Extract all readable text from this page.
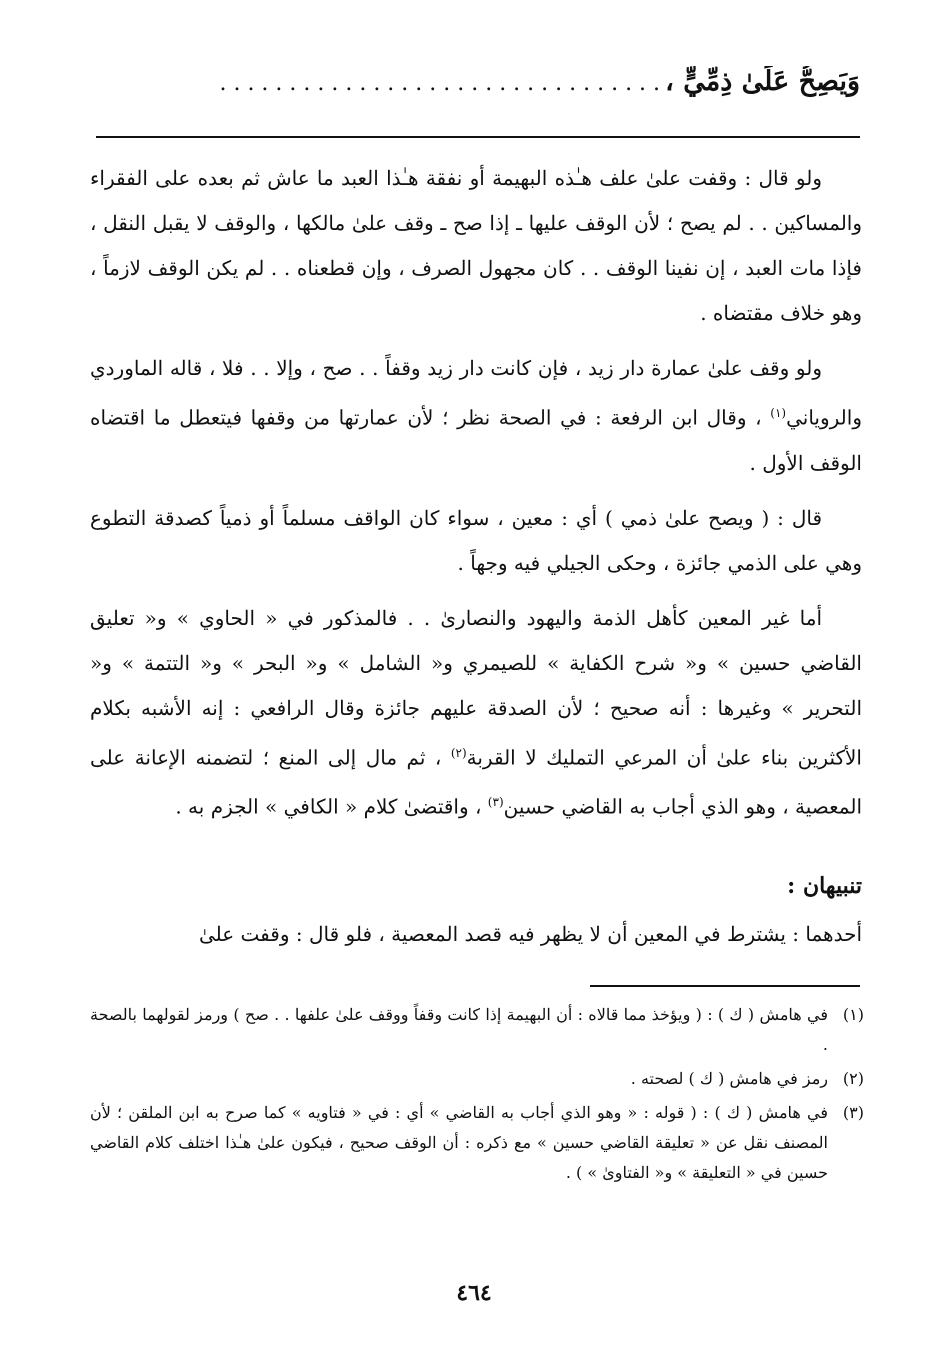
وَيَصِحُّ عَلَىٰ ذِمِّيٍّ ، . . . . . . . . . . . . . . . . . . . . . . . . . . . . . . . .

ولو قال : وقفت علىٰ علف هـٰذه البهيمة أو نفقة هـٰذا العبد ما عاش ثم بعده على الفقراء والمساكين . . لم يصح ؛ لأن الوقف عليها ـ إذا صح ـ وقف علىٰ مالكها ، والوقف لا يقبل النقل ، فإذا مات العبد ، إن نفينا الوقف . . كان مجهول الصرف ، وإن قطعناه . . لم يكن الوقف لازماً ، وهو خلاف مقتضاه .

ولو وقف علىٰ عمارة دار زيد ، فإن كانت دار زيد وقفاً . . صح ، وإلا . . فلا ، قاله الماوردي والروياني$^{(١)}$ ، وقال ابن الرفعة : في الصحة نظر ؛ لأن عمارتها من وقفها فيتعطل ما اقتضاه الوقف الأول .

قال : ( ويصح علىٰ ذمي ) أي : معين ، سواء كان الواقف مسلماً أو ذمياً كصدقة التطوع وهي على الذمي جائزة ، وحكى الجيلي فيه وجهاً .

أما غير المعين كأهل الذمة واليهود والنصارىٰ . . فالمذكور في « الحاوي » و« تعليق القاضي حسين » و« شرح الكفاية » للصيمري و« الشامل » و« البحر » و« التتمة » و« التحرير » وغيرها : أنه صحيح ؛ لأن الصدقة عليهم جائزة وقال الرافعي : إنه الأشبه بكلام الأكثرين بناء علىٰ أن المرعي التمليك لا القربة$^{(٢)}$ ، ثم مال إلى المنع ؛ لتضمنه الإعانة على المعصية ، وهو الذي أجاب به القاضي حسين$^{(٣)}$ ، واقتضىٰ كلام « الكافي » الجزم به .

تنبيهان :
أحدهما : يشترط في المعين أن لا يظهر فيه قصد المعصية ، فلو قال : وقفت علىٰ
(١)
في هامش ( ك ) : ( ويؤخذ مما قالاه : أن البهيمة إذا كانت وقفاً ووقف علىٰ علفها . . صح ) ورمز لقولهما بالصحة .
(٢)
رمز في هامش ( ك ) لصحته .
(٣)
في هامش ( ك ) : ( قوله : « وهو الذي أجاب به القاضي » أي : في « فتاويه » كما صرح به ابن الملقن ؛ لأن المصنف نقل عن « تعليقة القاضي حسين » مع ذكره : أن الوقف صحيح ، فيكون علىٰ هـٰذا اختلف كلام القاضي حسين في « التعليقة » و« الفتاوىٰ » ) .
٤٦٤
